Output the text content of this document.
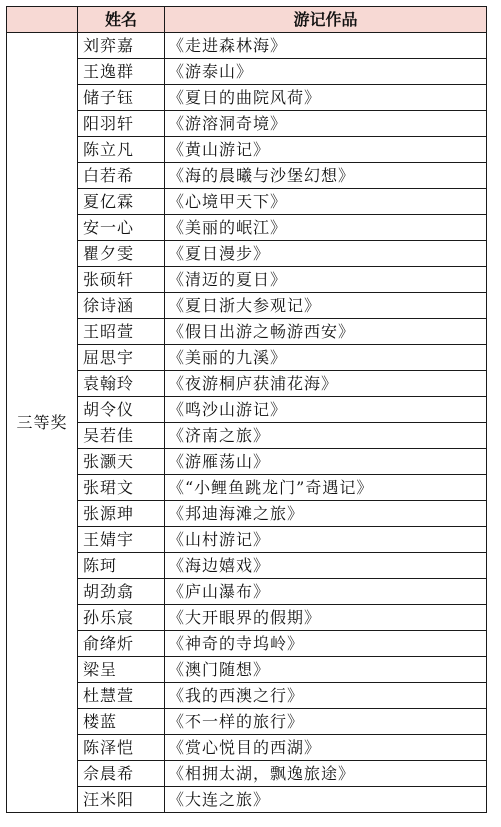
	姓名	游记作品
三等奖	刘弈嘉	《走进森林海》
	王逸群	《游泰山》
	储子钰	《夏日的曲院风荷》
	阳羽轩	《游溶洞奇境》
	陈立凡	《黄山游记》
	白若希	《海的晨曦与沙堡幻想》
	夏亿霖	《心境甲天下》
	安一心	《美丽的岷江》
	瞿夕雯	《夏日漫步》
	张硕轩	《清迈的夏日》
	徐诗涵	《夏日浙大参观记》
	王昭萱	《假日出游之畅游西安》
	屈思宇	《美丽的九溪》
	袁翰玲	《夜游桐庐获浦花海》
	胡令仪	《鸣沙山游记》
	吴若佳	《济南之旅》
	张灏天	《游雁荡山》
	张珺文	《“小鲤鱼跳龙门”奇遇记》
	张源珅	《邦迪海滩之旅》
	王婧宇	《山村游记》
	陈珂	《海边嬉戏》
	胡劲翕	《庐山瀑布》
	孙乐宸	《大开眼界的假期》
	俞绛炘	《神奇的寺坞岭》
	梁呈	《澳门随想》
	杜慧萱	《我的西澳之行》
	楼蓝	《不一样的旅行》
	陈泽恺	《赏心悦目的西湖》
	佘晨希	《相拥太湖，飘逸旅途》
	汪米阳	《大连之旅》
